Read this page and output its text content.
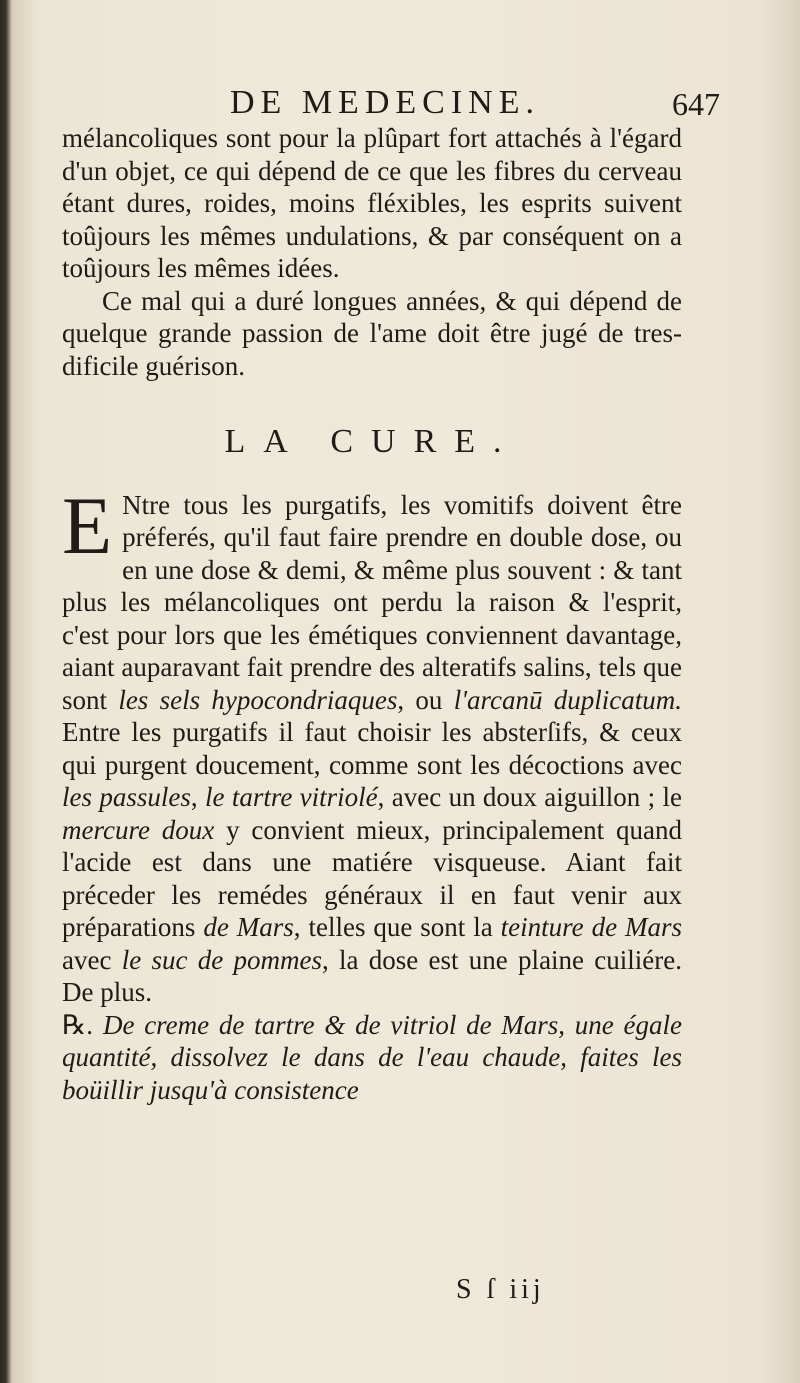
DE MEDECINE.	647

mélancoliques sont pour la plûpart fort attachés à l'égard d'un objet, ce qui dépend de ce que les fibres du cerveau étant dures, roides, moins fléxibles, les esprits suivent toûjours les mêmes undulations, & par conséquent on a toûjours les mêmes idées.

Ce mal qui a duré longues années, & qui dépend de quelque grande passion de l'ame doit être jugé de tres-dificile guérison.

LA CURE.

E Ntre tous les purgatifs, les vomitifs doivent être préferés, qu'il faut faire prendre en double dose, ou en une dose & demi, & même plus souvent : & tant plus les mélancoliques ont perdu la raison & l'esprit, c'est pour lors que les émétiques conviennent davantage, aiant auparavant fait prendre des alteratifs salins, tels que sont les sels hypocondriaques, ou l'arcanū duplicatum. Entre les purgatifs il faut choisir les absterſifs, & ceux qui purgent doucement, comme sont les décoctions avec les passules, le tartre vitriolé, avec un doux aiguillon ; le mercure doux y convient mieux, principalement quand l'acide est dans une matiére visqueuse. Aiant fait préceder les remédes généraux il en faut venir aux préparations de Mars, telles que sont la teinture de Mars avec le suc de pommes, la dose est une plaine cuiliére. De plus.

℞. De creme de tartre & de vitriol de Mars, une égale quantité, dissolvez le dans de l'eau chaude, faites les boüillir jusqu'à consistence

S ſ iij
